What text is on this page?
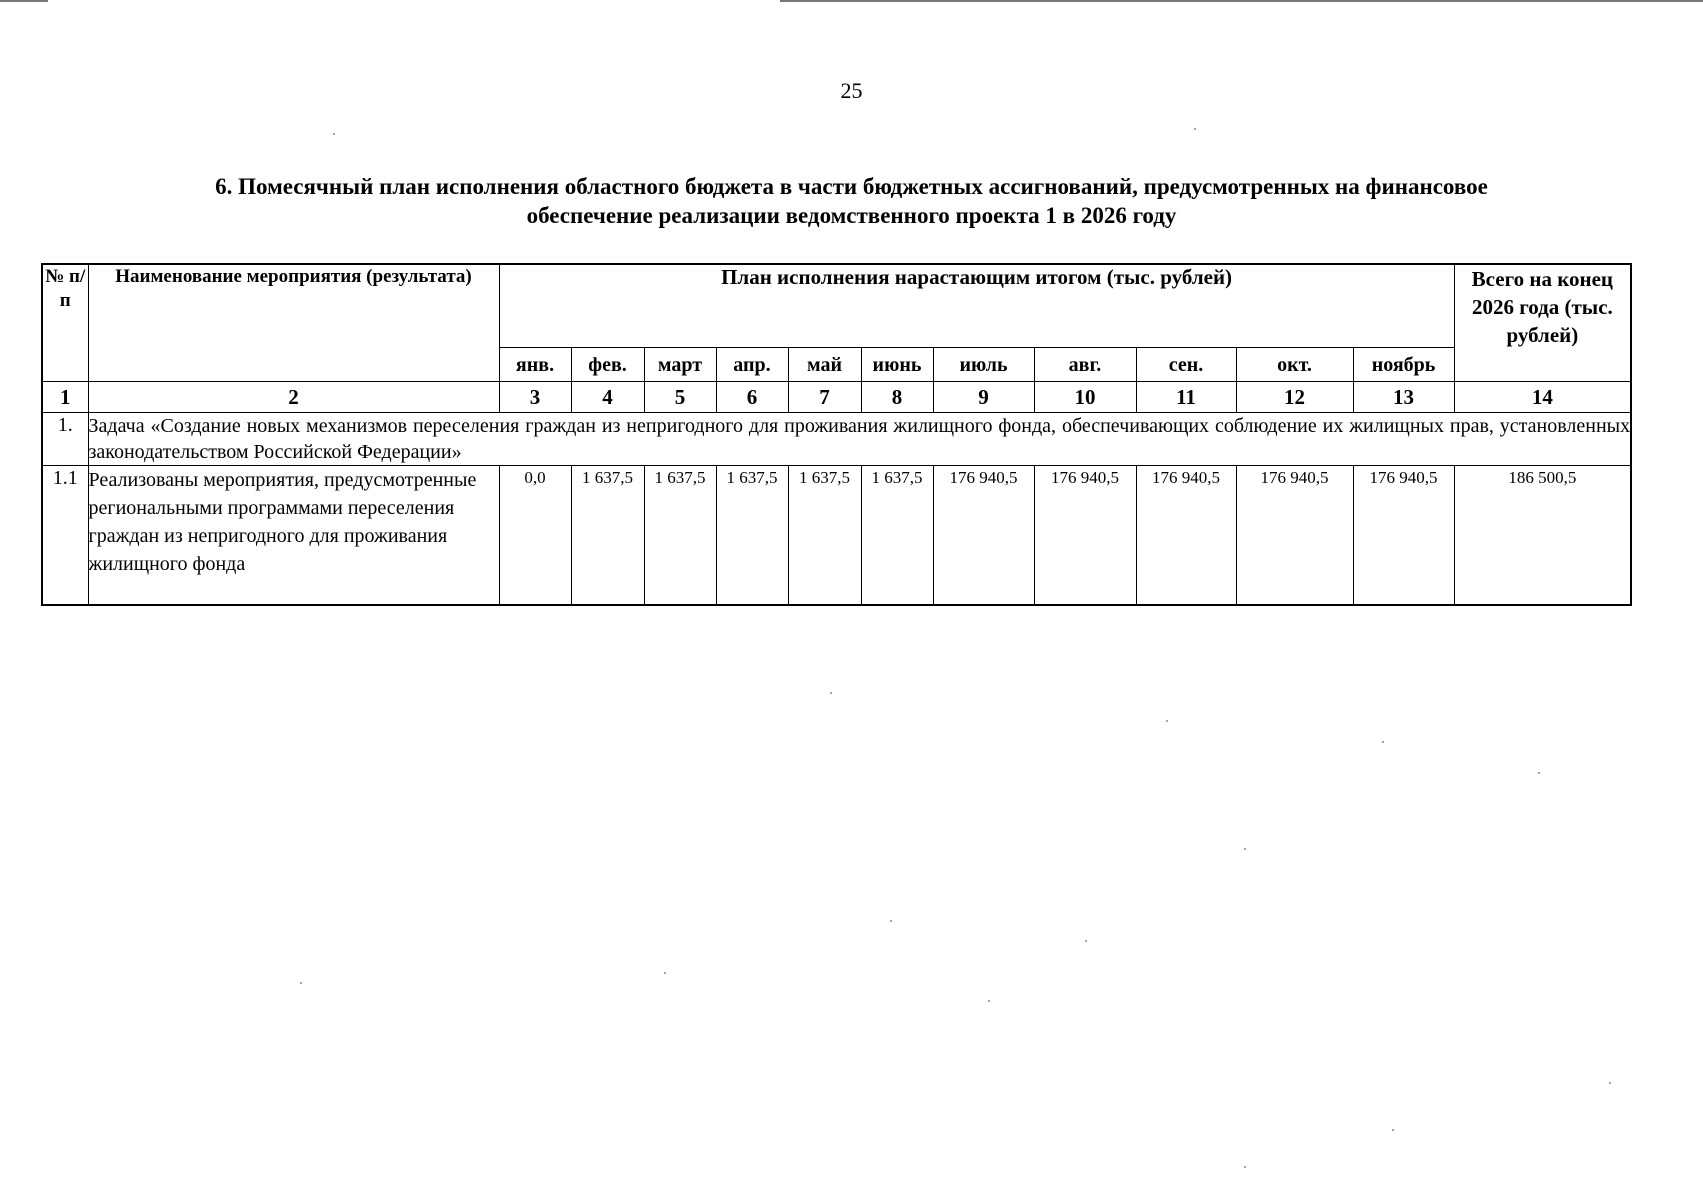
25
6. Помесячный план исполнения областного бюджета в части бюджетных ассигнований, предусмотренных на финансовое
обеспечение реализации ведомственного проекта 1 в 2026 году
№ п/п	Наименование мероприятия (результата)	План исполнения нарастающим итогом (тыс. рублей)											Всего на конец 2026 года (тыс. рублей)
		янв.	фев.	март	апр.	май	июнь	июль	авг.	сен.	окт.	ноябрь	
1	2	3	4	5	6	7	8	9	10	11	12	13	14
1.	Задача «Создание новых механизмов переселения граждан из непригодного для проживания жилищного фонда, обеспечивающих соблюдение их жилищных прав, установленных законодательством Российской Федерации»												
1.1	Реализованы мероприятия, предусмотренные региональными программами переселения граждан из непригодного для проживания жилищного фонда	0,0	1 637,5	1 637,5	1 637,5	1 637,5	1 637,5	176 940,5	176 940,5	176 940,5	176 940,5	176 940,5	186 500,5
